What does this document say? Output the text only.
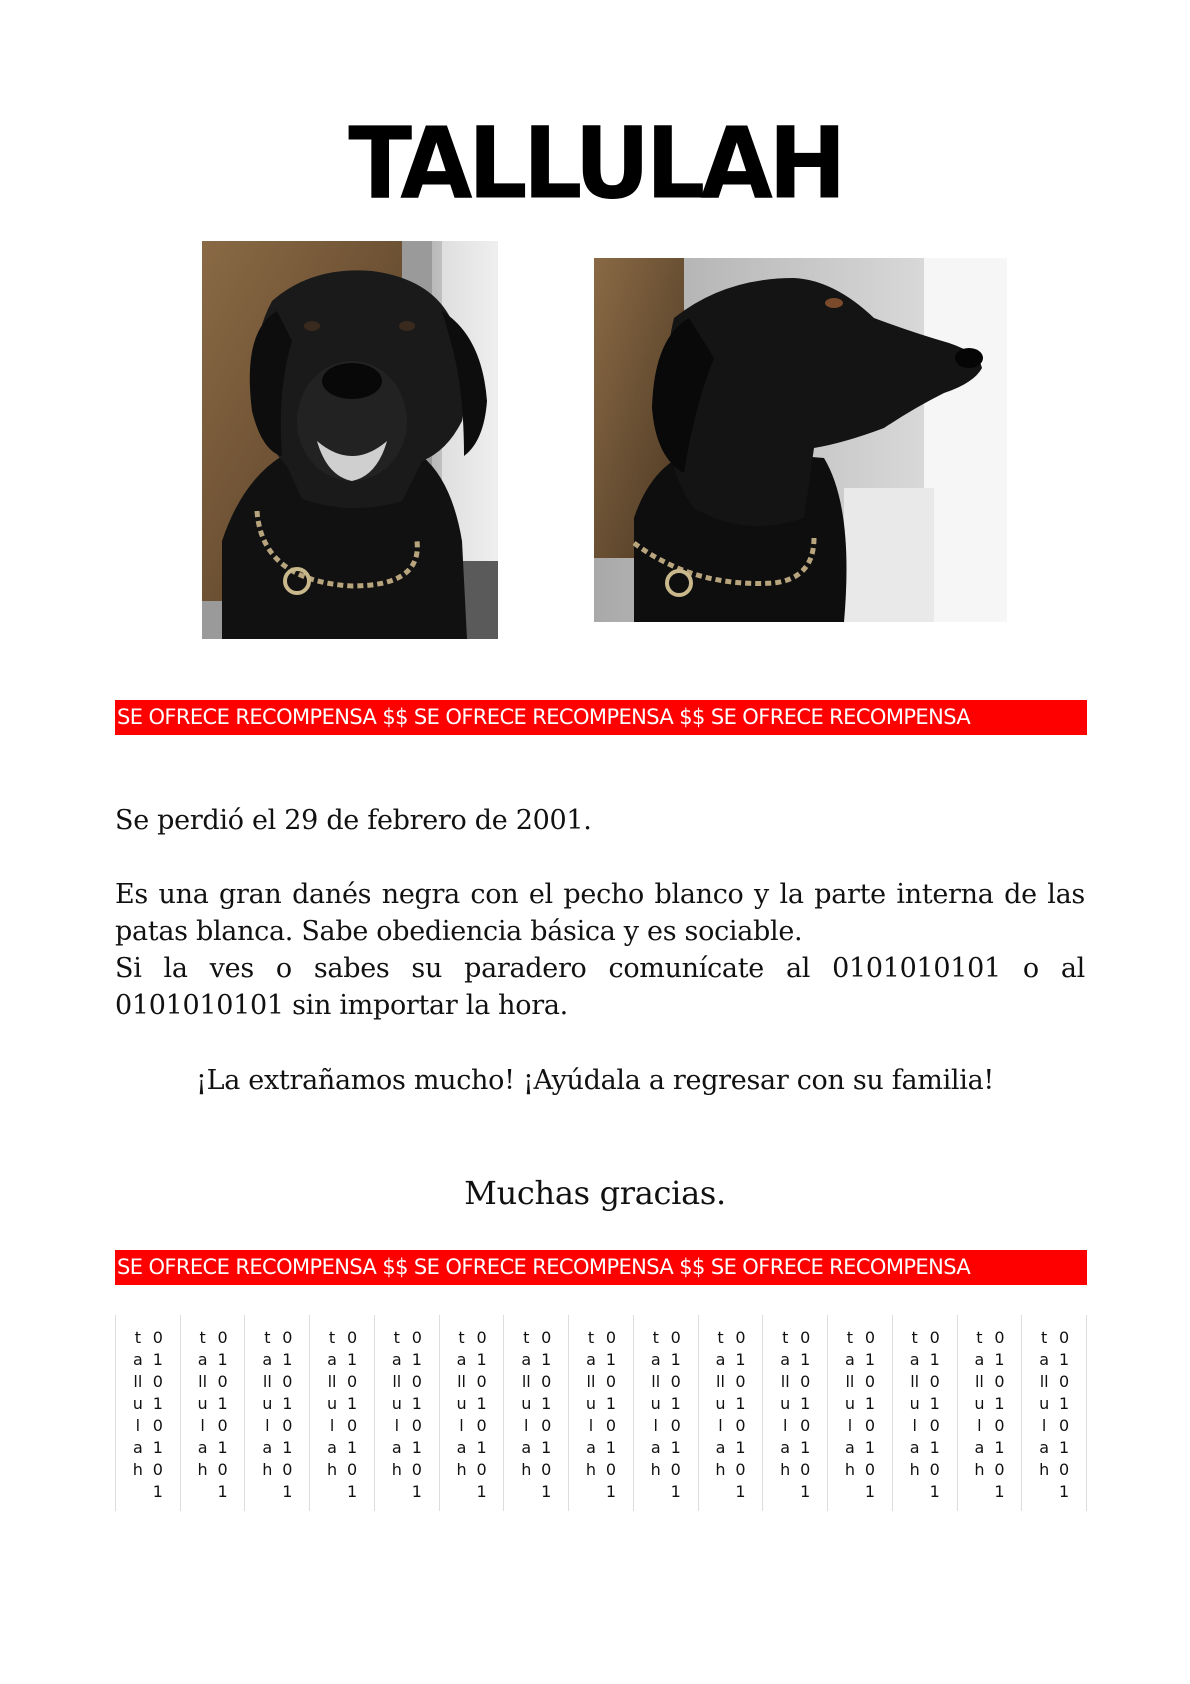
TALLULAH
SE OFRECE RECOMPENSA $$ SE OFRECE RECOMPENSA $$ SE OFRECE RECOMPENSA
Se perdió el 29 de febrero de 2001.

Es una gran danés negra con el pecho blanco y la parte interna de las patas blanca. Sabe obediencia básica y es sociable.

Si la ves o sabes su paradero comunícate al 0101010101 o al 0101010101 sin importar la hora.

¡La extrañamos mucho! ¡Ayúdala a regresar con su familia!
Muchas gracias.
SE OFRECE RECOMPENSA $$ SE OFRECE RECOMPENSA $$ SE OFRECE RECOMPENSA
t
a
ll
u
l
a
h
0
1
0
1
0
1
0
1
t
a
ll
u
l
a
h
0
1
0
1
0
1
0
1
t
a
ll
u
l
a
h
0
1
0
1
0
1
0
1
t
a
ll
u
l
a
h
0
1
0
1
0
1
0
1
t
a
ll
u
l
a
h
0
1
0
1
0
1
0
1
t
a
ll
u
l
a
h
0
1
0
1
0
1
0
1
t
a
ll
u
l
a
h
0
1
0
1
0
1
0
1
t
a
ll
u
l
a
h
0
1
0
1
0
1
0
1
t
a
ll
u
l
a
h
0
1
0
1
0
1
0
1
t
a
ll
u
l
a
h
0
1
0
1
0
1
0
1
t
a
ll
u
l
a
h
0
1
0
1
0
1
0
1
t
a
ll
u
l
a
h
0
1
0
1
0
1
0
1
t
a
ll
u
l
a
h
0
1
0
1
0
1
0
1
t
a
ll
u
l
a
h
0
1
0
1
0
1
0
1
t
a
ll
u
l
a
h
0
1
0
1
0
1
0
1
